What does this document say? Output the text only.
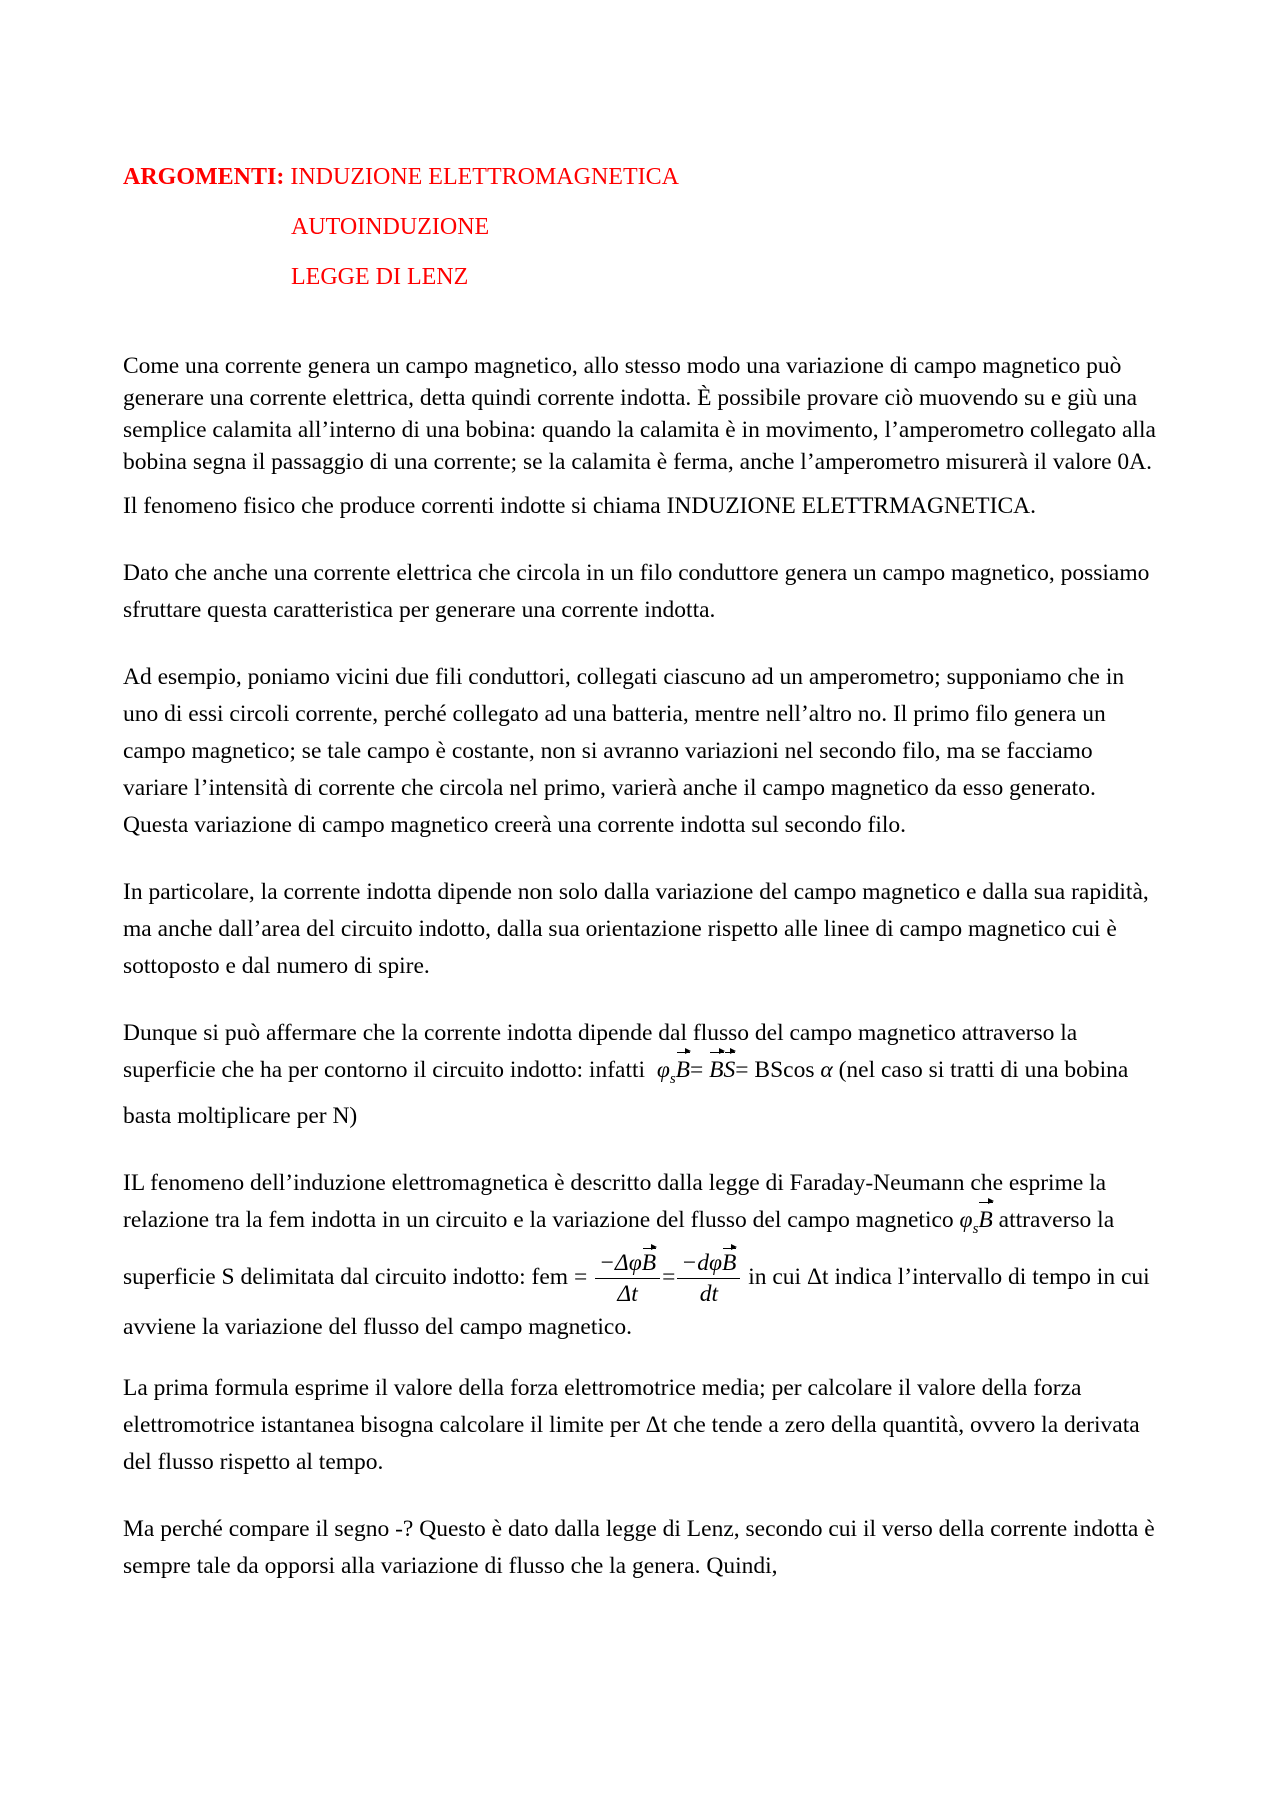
ARGOMENTI: INDUZIONE ELETTROMAGNETICA
AUTOINDUZIONE
LEGGE DI LENZ

Come una corrente genera un campo magnetico, allo stesso modo una variazione di campo magnetico può generare una corrente elettrica, detta quindi corrente indotta. È possibile provare ciò muovendo su e giù una semplice calamita all’interno di una bobina: quando la calamita è in movimento, l’amperometro collegato alla bobina segna il passaggio di una corrente; se la calamita è ferma, anche l’amperometro misurerà il valore 0A.

Il fenomeno fisico che produce correnti indotte si chiama INDUZIONE ELETTRMAGNETICA.

Dato che anche una corrente elettrica che circola in un filo conduttore genera un campo magnetico, possiamo sfruttare questa caratteristica per generare una corrente indotta.

Ad esempio, poniamo vicini due fili conduttori, collegati ciascuno ad un amperometro; supponiamo che in uno di essi circoli corrente, perché collegato ad una batteria, mentre nell’altro no. Il primo filo genera un campo magnetico; se tale campo è costante, non si avranno variazioni nel secondo filo, ma se facciamo variare l’intensità di corrente che circola nel primo, varierà anche il campo magnetico da esso generato. Questa variazione di campo magnetico creerà una corrente indotta sul secondo filo.

In particolare, la corrente indotta dipende non solo dalla variazione del campo magnetico e dalla sua rapidità, ma anche dall’area del circuito indotto, dalla sua orientazione rispetto alle linee di campo magnetico cui è sottoposto e dal numero di spire.

Dunque si può affermare che la corrente indotta dipende dal flusso del campo magnetico attraverso la superficie che ha per contorno il circuito indotto: infatti  $\varphi_sB= BS= BScos$ α (nel caso si tratti di una bobina basta moltiplicare per N)

IL fenomeno dell’induzione elettromagnetica è descritto dalla legge di Faraday-Neumann che esprime la relazione tra la fem indotta in un circuito e la variazione del flusso del campo magnetico $\varphi_sB$ attraverso la superficie S delimitata dal circuito indotto: fem = $\frac{\text{−ΔφB}}{\Delta t} = \frac{\text{−dφB}}{dt}$ in cui Δt indica l’intervallo di tempo in cui avviene la variazione del flusso del campo magnetico.

La prima formula esprime il valore della forza elettromotrice media; per calcolare il valore della forza elettromotrice istantanea bisogna calcolare il limite per Δt che tende a zero della quantità, ovvero la derivata del flusso rispetto al tempo.

Ma perché compare il segno -? Questo è dato dalla legge di Lenz, secondo cui il verso della corrente indotta è sempre tale da opporsi alla variazione di flusso che la genera. Quindi,
